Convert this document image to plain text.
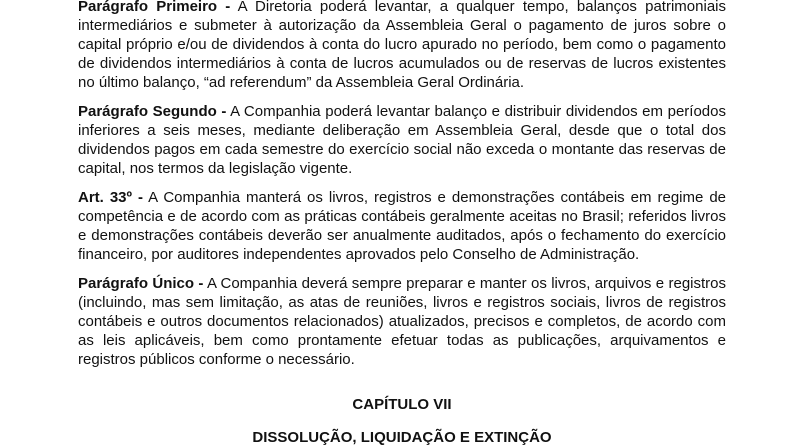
Parágrafo Primeiro - A Diretoria poderá levantar, a qualquer tempo, balanços patrimoniais intermediários e submeter à autorização da Assembleia Geral o pagamento de juros sobre o capital próprio e/ou de dividendos à conta do lucro apurado no período, bem como o pagamento de dividendos intermediários à conta de lucros acumulados ou de reservas de lucros existentes no último balanço, “ad referendum” da Assembleia Geral Ordinária.

Parágrafo Segundo - A Companhia poderá levantar balanço e distribuir dividendos em períodos inferiores a seis meses, mediante deliberação em Assembleia Geral, desde que o total dos dividendos pagos em cada semestre do exercício social não exceda o montante das reservas de capital, nos termos da legislação vigente.

Art. 33º - A Companhia manterá os livros, registros e demonstrações contábeis em regime de competência e de acordo com as práticas contábeis geralmente aceitas no Brasil; referidos livros e demonstrações contábeis deverão ser anualmente auditados, após o fechamento do exercício financeiro, por auditores independentes aprovados pelo Conselho de Administração.

Parágrafo Único - A Companhia deverá sempre preparar e manter os livros, arquivos e registros (incluindo, mas sem limitação, as atas de reuniões, livros e registros sociais, livros de registros contábeis e outros documentos relacionados) atualizados, precisos e completos, de acordo com as leis aplicáveis, bem como prontamente efetuar todas as publicações, arquivamentos e registros públicos conforme o necessário.

CAPÍTULO VII

DISSOLUÇÃO, LIQUIDAÇÃO E EXTINÇÃO
